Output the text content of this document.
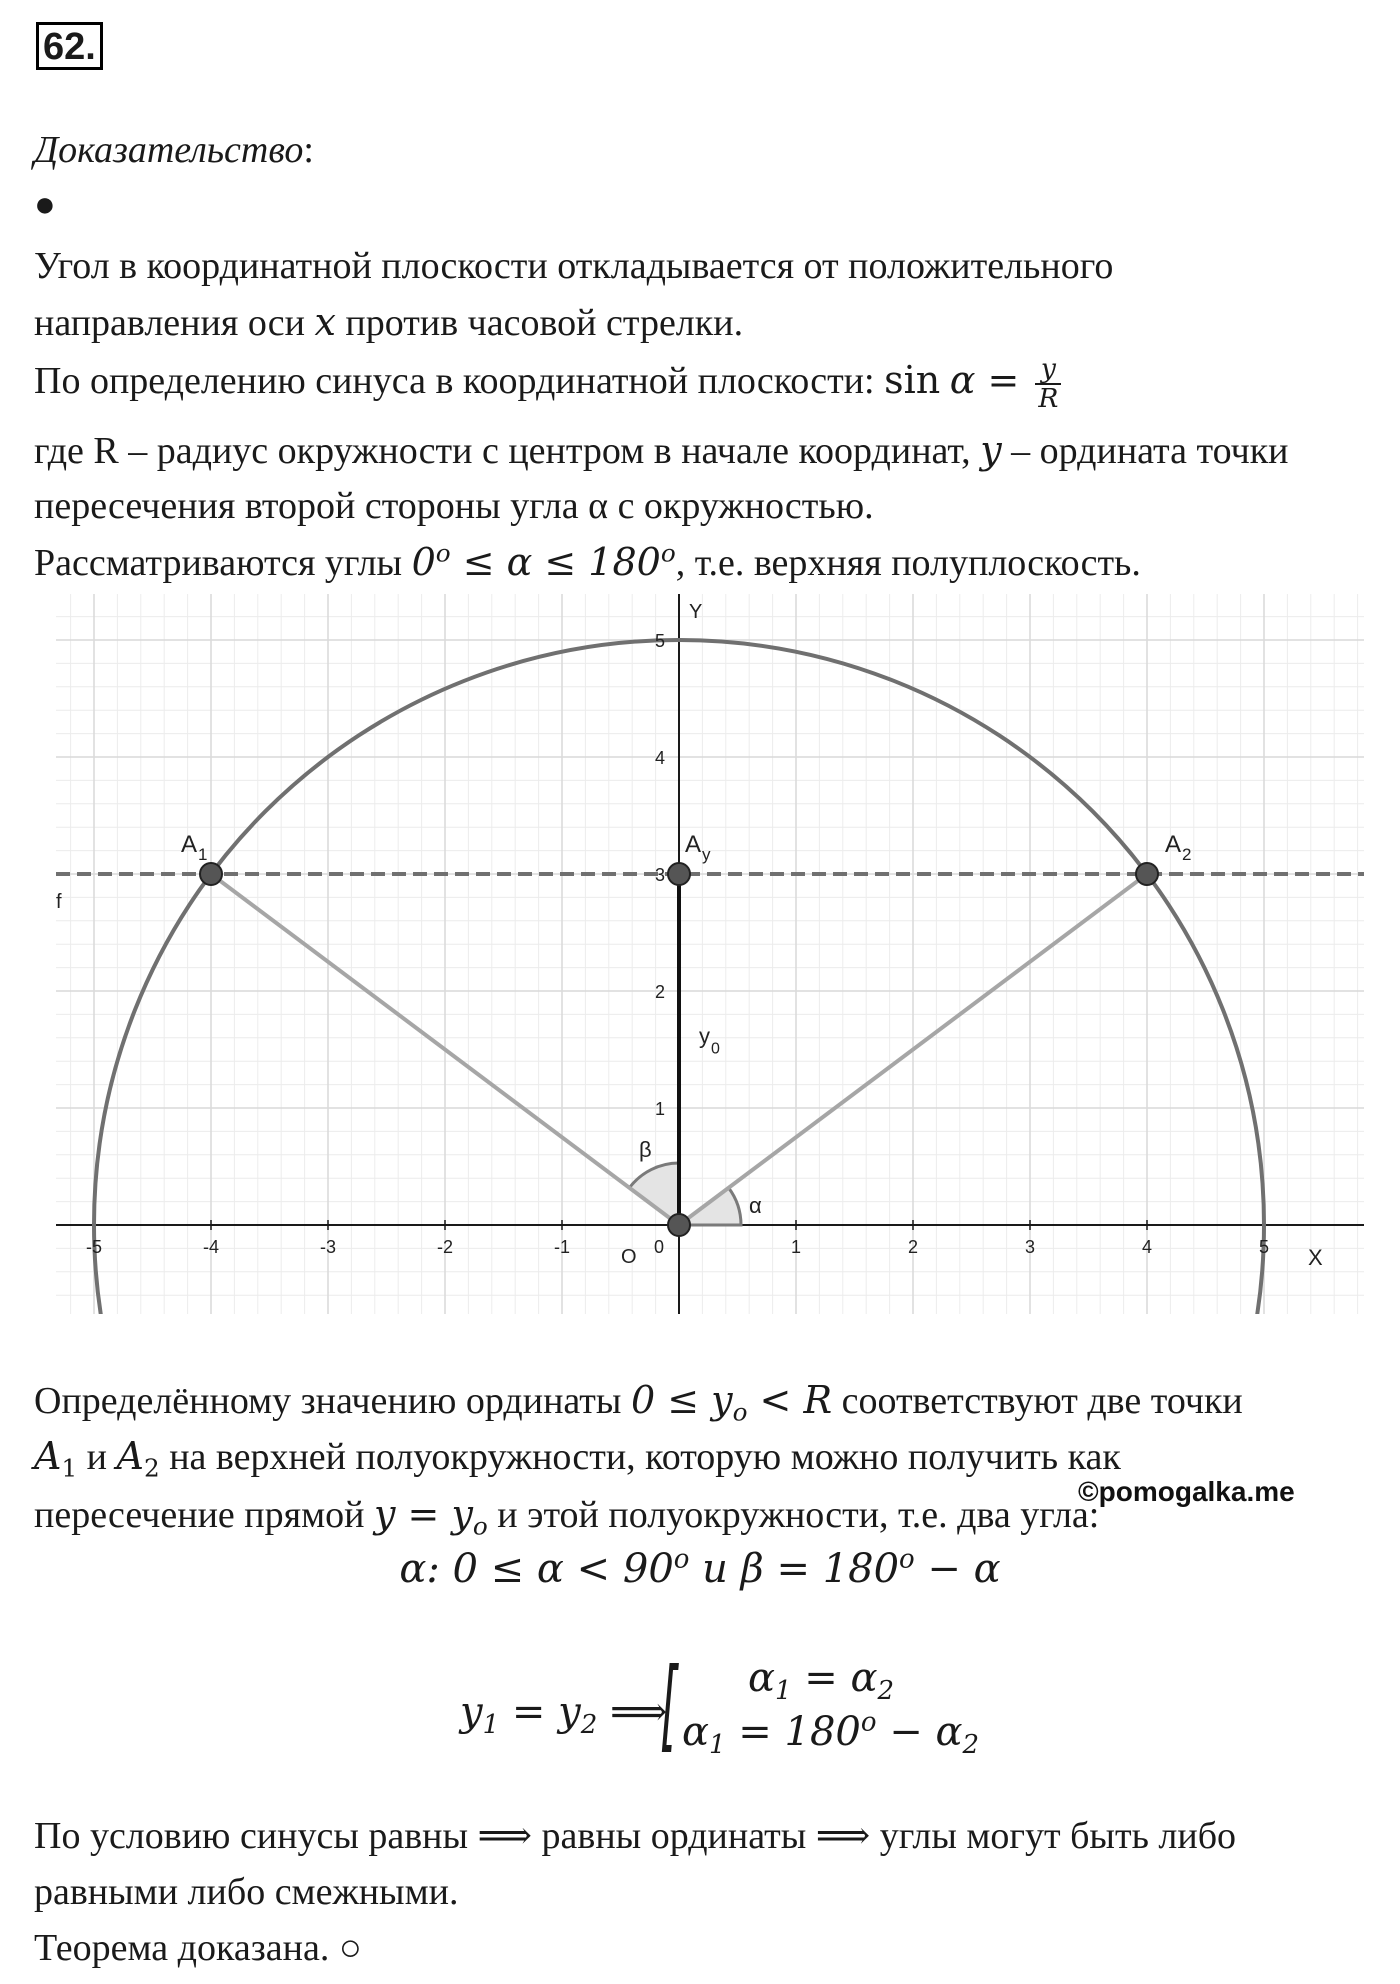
62.
Доказательство:
●
Угол в координатной плоскости откладывается от положительного
направления оси x против часовой стрелки.
По определению синуса в координатной плоскости: $\sin \alpha = \frac{y}{R}$
где R – радиус окружности с центром в начале координат, y – ордината точки
пересечения второй стороны угла α с окружностью.
Рассматриваются углы $0^o \le \alpha \le 180^o$, т.е. верхняя полуплоскость.
-5	-4	-3	-2	-1	0	1	2	3	4	5
1
2
3
4
5
X
Y
O
f
y
0
α
β
A 1	A y	A 2
Определённому значению ординаты $0 \le y_o < R$ соответствуют две точки
$A_1$ и $A_2$ на верхней полуокружности, которую можно получить как
пересечение прямой $y = y_o$ и этой полуокружности, т.е. два угла:
©pomogalka.me
α: $0 \le \alpha < 90^o$ и $\beta = 180^o - \alpha$
$y_1 = y_2$ ⟹
[ $\alpha_1 = \alpha_2$
$\alpha_1 = 180^o - \alpha_2$
По условию синусы равны ⟹ равны ординаты ⟹ углы могут быть либо
равными либо смежными.
Теорема доказана. ○
